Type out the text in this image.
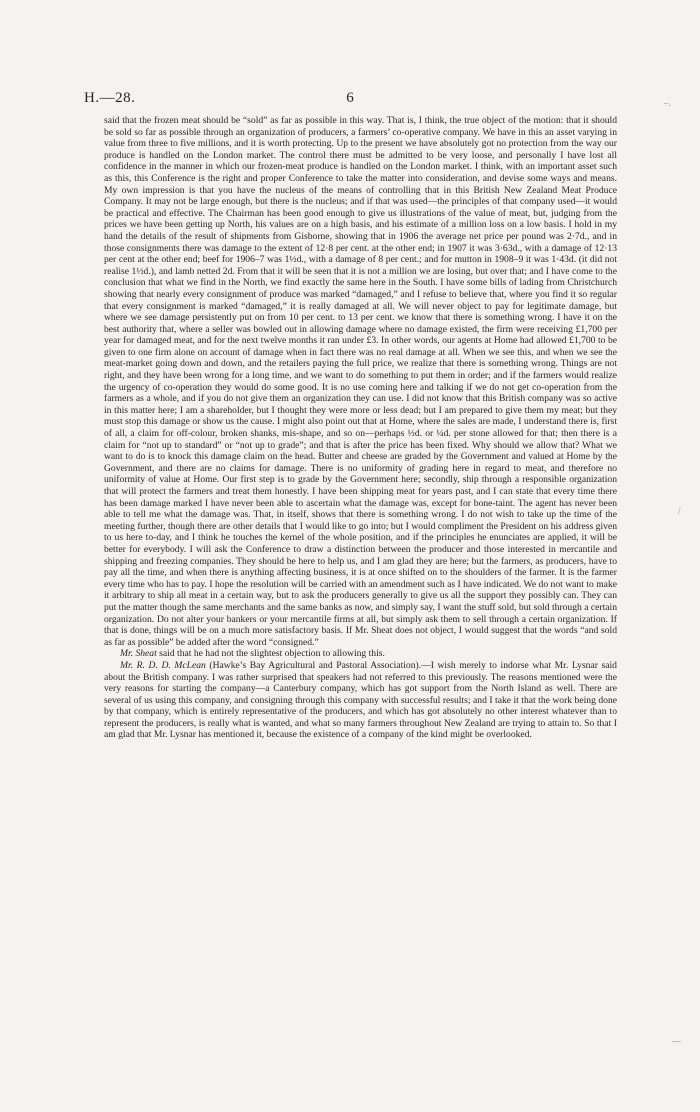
H.—28.	6	–.
/
—

said that the frozen meat should be “sold” as far as possible in this way. That is, I think, the true object of the motion: that it should be sold so far as possible through an organization of producers, a farmers’ co-operative company. We have in this an asset varying in value from three to five millions, and it is worth protecting. Up to the present we have absolutely got no protection from the way our produce is handled on the London market. The control there must be admitted to be very loose, and personally I have lost all confidence in the manner in which our frozen-meat produce is handled on the London market. I think, with an important asset such as this, this Conference is the right and proper Conference to take the matter into consideration, and devise some ways and means. My own impression is that you have the nucleus of the means of controlling that in this British New Zealand Meat Produce Company. It may not be large enough, but there is the nucleus; and if that was used—the principles of that company used—it would be practical and effective. The Chairman has been good enough to give us illustrations of the value of meat, but, judging from the prices we have been getting up North, his values are on a high basis, and his estimate of a million loss on a low basis. I hold in my hand the details of the result of shipments from Gisborne, showing that in 1906 the average net price per pound was 2·7d., and in those consignments there was damage to the extent of 12·8 per cent. at the other end; in 1907 it was 3·63d., with a damage of 12·13 per cent at the other end; beef for 1906–7 was 1½d., with a damage of 8 per cent.; and for mutton in 1908–9 it was 1·43d. (it did not realise 1½d.), and lamb netted 2d. From that it will be seen that it is not a million we are losing, but over that; and I have come to the conclusion that what we find in the North, we find exactly the same here in the South. I have some bills of lading from Christchurch showing that nearly every consignment of produce was marked “damaged,” and I refuse to believe that, where you find it so regular that every consignment is marked “damaged,” it is really damaged at all. We will never object to pay for legitimate damage, but where we see damage persistently put on from 10 per cent. to 13 per cent. we know that there is something wrong. I have it on the best authority that, where a seller was bowled out in allowing damage where no damage existed, the firm were receiving £1,700 per year for damaged meat, and for the next twelve months it ran under £3. In other words, our agents at Home had allowed £1,700 to be given to one firm alone on account of damage when in fact there was no real damage at all. When we see this, and when we see the meat-market going down and down, and the retailers paying the full price, we realize that there is something wrong. Things are not right, and they have been wrong for a long time, and we want to do something to put them in order; and if the farmers would realize the urgency of co-operation they would do some good. It is no use coming here and talking if we do not get co-operation from the farmers as a whole, and if you do not give them an organization they can use. I did not know that this British company was so active in this matter here; I am a shareholder, but I thought they were more or less dead; but I am prepared to give them my meat; but they must stop this damage or show us the cause. I might also point out that at Home, where the sales are made, I understand there is, first of all, a claim for off-colour, broken shanks, mis-shape, and so on—perhaps ½d. or ¼d. per stone allowed for that; then there is a claim for “not up to standard” or “not up to grade”; and that is after the price has been fixed. Why should we allow that? What we want to do is to knock this damage claim on the head. Butter and cheese are graded by the Government and valued at Home by the Government, and there are no claims for damage. There is no uniformity of grading here in regard to meat, and therefore no uniformity of value at Home. Our first step is to grade by the Government here; secondly, ship through a responsible organization that will protect the farmers and treat them honestly. I have been shipping meat for years past, and I can state that every time there has been damage marked I have never been able to ascertain what the damage was, except for bone-taint. The agent has never been able to tell me what the damage was. That, in itself, shows that there is something wrong. I do not wish to take up the time of the meeting further, though there are other details that I would like to go into; but I would compliment the President on his address given to us here to-day, and I think he touches the kernel of the whole position, and if the principles he enunciates are applied, it will be better for everybody. I will ask the Conference to draw a distinction between the producer and those interested in mercantile and shipping and freezing companies. They should be here to help us, and I am glad they are here; but the farmers, as producers, have to pay all the time, and when there is anything affecting business, it is at once shifted on to the shoulders of the farmer. It is the farmer every time who has to pay. I hope the resolution will be carried with an amendment such as I have indicated. We do not want to make it arbitrary to ship all meat in a certain way, but to ask the producers generally to give us all the support they possibly can. They can put the matter though the same merchants and the same banks as now, and simply say, I want the stuff sold, but sold through a certain organization. Do not alter your bankers or your mercantile firms at all, but simply ask them to sell through a certain organization. If that is done, things will be on a much more satisfactory basis. If Mr. Sheat does not object, I would suggest that the words “and sold as far as possible” be added after the word “consigned.”

Mr. Sheat said that he had not the slightest objection to allowing this.

Mr. R. D. D. McLean (Hawke’s Bay Agricultural and Pastoral Association).—I wish merely to indorse what Mr. Lysnar said about the British company. I was rather surprised that speakers had not referred to this previously. The reasons mentioned were the very reasons for starting the company—a Canterbury company, which has got support from the North Island as well. There are several of us using this company, and consigning through this company with successful results; and I take it that the work being done by that company, which is entirely representative of the producers, and which has got absolutely no other interest whatever than to represent the producers, is really what is wanted, and what so many farmers throughout New Zealand are trying to attain to. So that I am glad that Mr. Lysnar has mentioned it, because the existence of a company of the kind might be overlooked.
